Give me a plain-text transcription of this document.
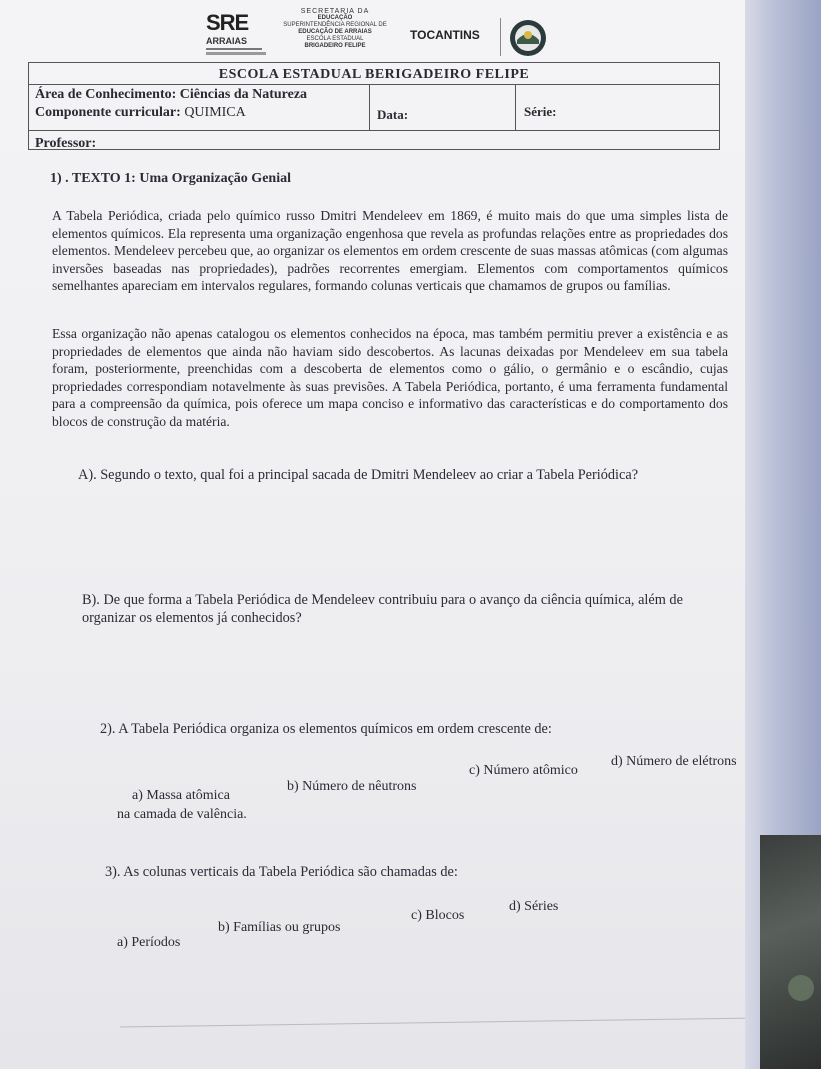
SRE
ARRAIAS
SECRETARIA DA
EDUCAÇÃO
SUPERINTENDÊNCIA REGIONAL DE
EDUCAÇÃO DE ARRAIAS
ESCOLA ESTADUAL
BRIGADEIRO FELIPE
TOCANTINS
ESCOLA ESTADUAL BERIGADEIRO FELIPE
Área de Conhecimento: Ciências da Natureza
Componente curricular: QUIMICA	Data:	Série:
Professor:
1) . TEXTO 1: Uma Organização Genial
A Tabela Periódica, criada pelo químico russo Dmitri Mendeleev em 1869, é muito mais do que uma simples lista de elementos químicos. Ela representa uma organização engenhosa que revela as profundas relações entre as propriedades dos elementos. Mendeleev percebeu que, ao organizar os elementos em ordem crescente de suas massas atômicas (com algumas inversões baseadas nas propriedades), padrões recorrentes emergiam. Elementos com comportamentos químicos semelhantes apareciam em intervalos regulares, formando colunas verticais que chamamos de grupos ou famílias.
Essa organização não apenas catalogou os elementos conhecidos na época, mas também permitiu prever a existência e as propriedades de elementos que ainda não haviam sido descobertos. As lacunas deixadas por Mendeleev em sua tabela foram, posteriormente, preenchidas com a descoberta de elementos como o gálio, o germânio e o escândio, cujas propriedades correspondiam notavelmente às suas previsões. A Tabela Periódica, portanto, é uma ferramenta fundamental para a compreensão da química, pois oferece um mapa conciso e informativo das características e do comportamento dos blocos de construção da matéria.
A). Segundo o texto, qual foi a principal sacada de Dmitri Mendeleev ao criar a Tabela Periódica?
B). De que forma a Tabela Periódica de Mendeleev contribuiu para o avanço da ciência química, além de organizar os elementos já conhecidos?
2). A Tabela Periódica organiza os elementos químicos em ordem crescente de:
a) Massa atômica
b) Número de nêutrons
c) Número atômico
d) Número de elétrons
na camada de valência.
3). As colunas verticais da Tabela Periódica são chamadas de:
a) Períodos
b) Famílias ou grupos
c) Blocos
d) Séries
